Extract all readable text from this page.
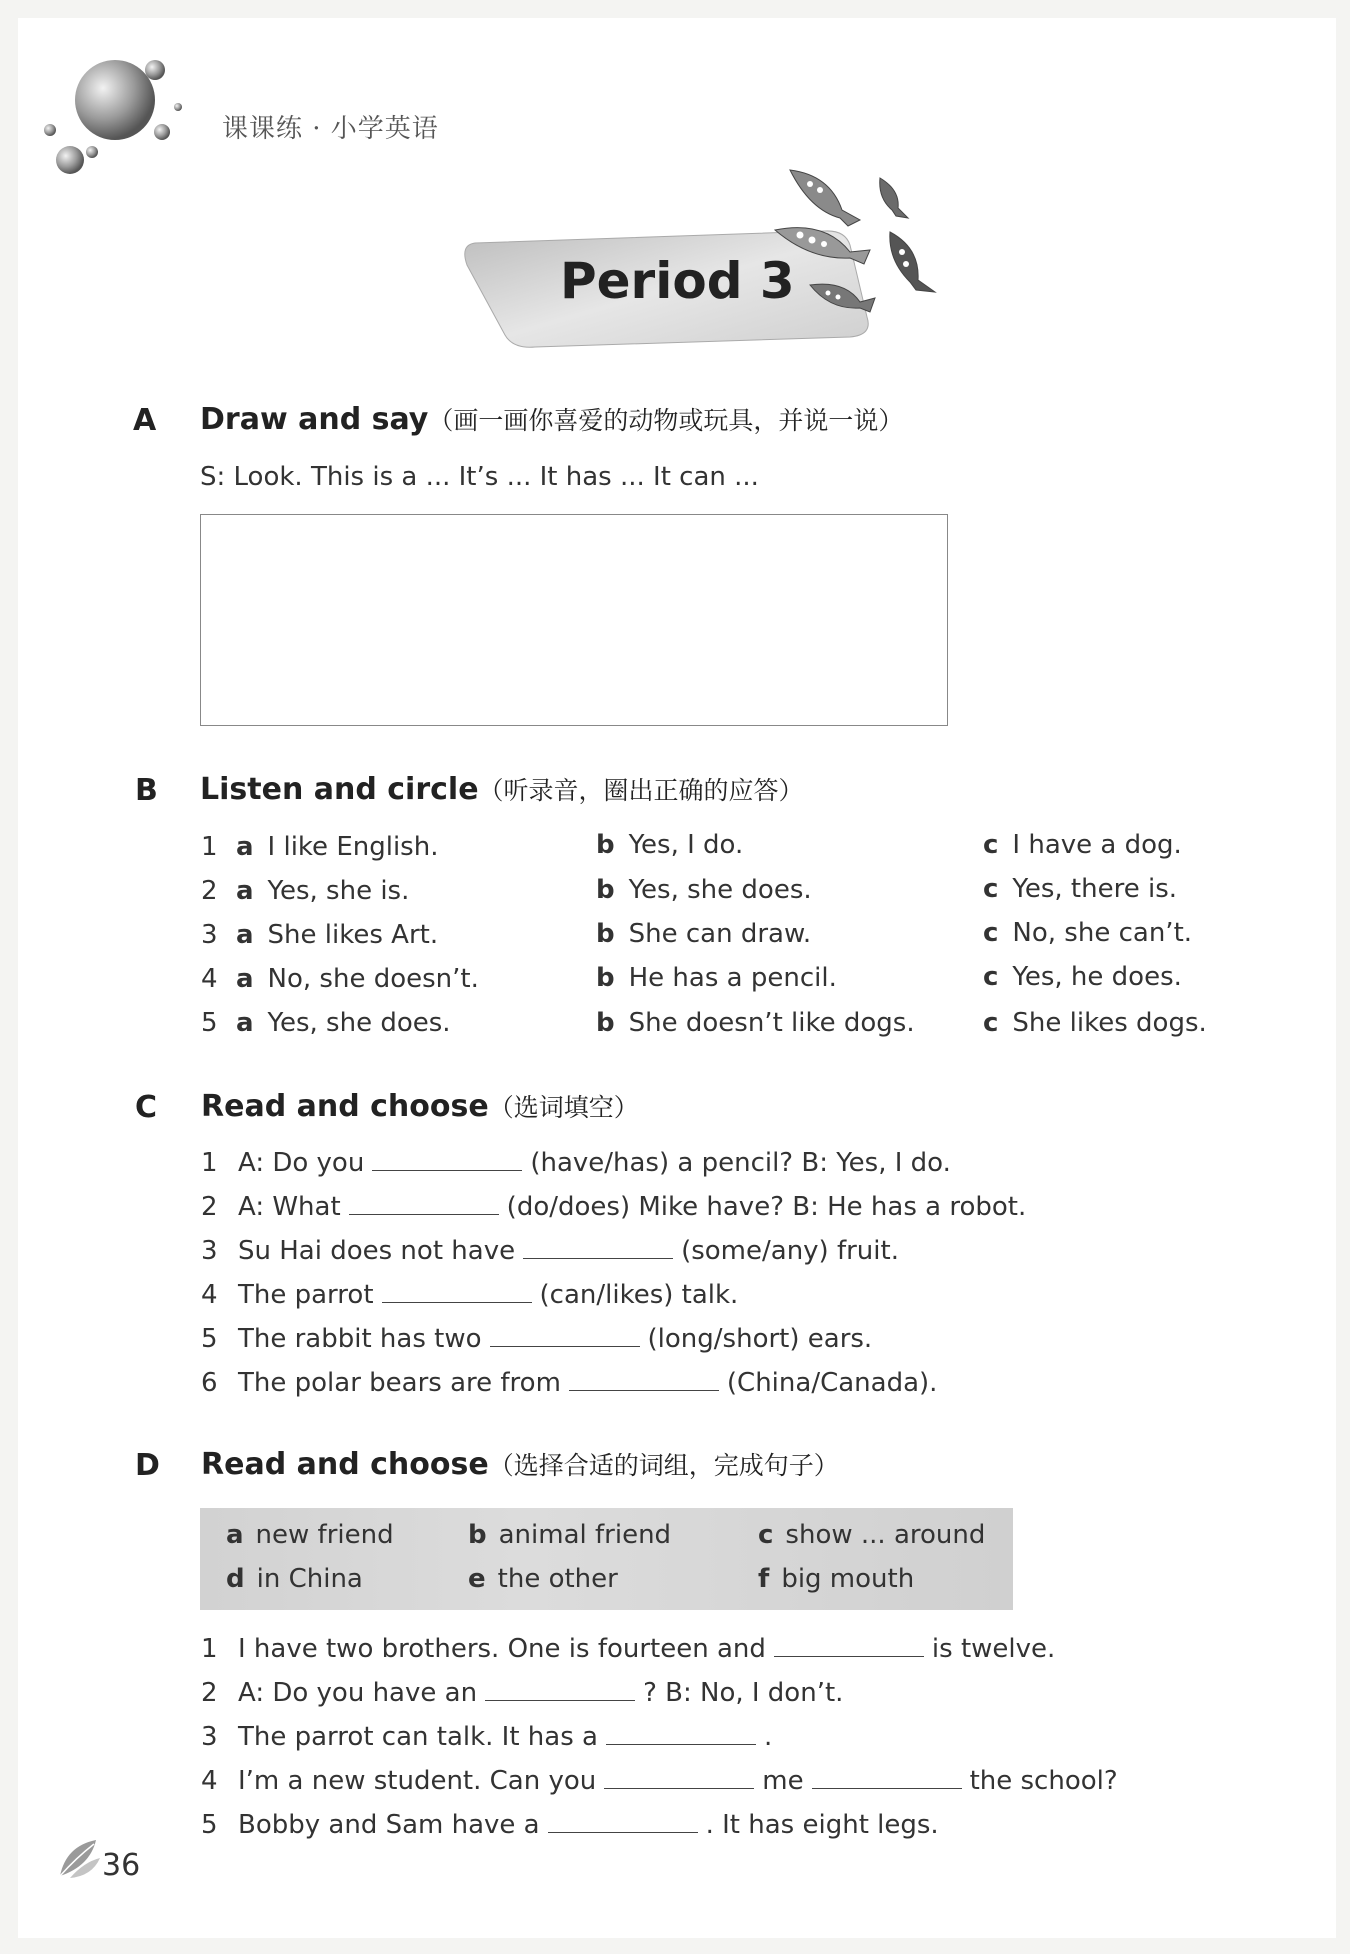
课课练 · 小学英语
Period 3
A Draw and say（画一画你喜爱的动物或玩具，并说一说）
S: Look. This is a ... It’s ... It has ... It can ...
B Listen and circle（听录音，圈出正确的应答）
1 a I like English.	b Yes, I do.	c I have a dog.
2 a Yes, she is.	b Yes, she does.	c Yes, there is.
3 a She likes Art.	b She can draw.	c No, she can’t.
4 a No, she doesn’t.	b He has a pencil.	c Yes, he does.
5 a Yes, she does.	b She doesn’t like dogs.	c She likes dogs.
C Read and choose（选词填空）
1 A: Do you	(have/has) a pencil? B: Yes, I do.
2 A: What	(do/does) Mike have? B: He has a robot.
3 Su Hai does not have	(some/any) fruit.
4 The parrot	(can/likes) talk.
5 The rabbit has two	(long/short) ears.
6 The polar bears are from	(China/Canada).
D Read and choose（选择合适的词组，完成句子）
a new friend	b animal friend	c show ... around
d in China	e the other	f big mouth
1 I have two brothers. One is fourteen and	is twelve.
2 A: Do you have an	? B: No, I don’t.
3 The parrot can talk. It has a	.
4 I’m a new student. Can you	me	the school?
5 Bobby and Sam have a	. It has eight legs.
36
